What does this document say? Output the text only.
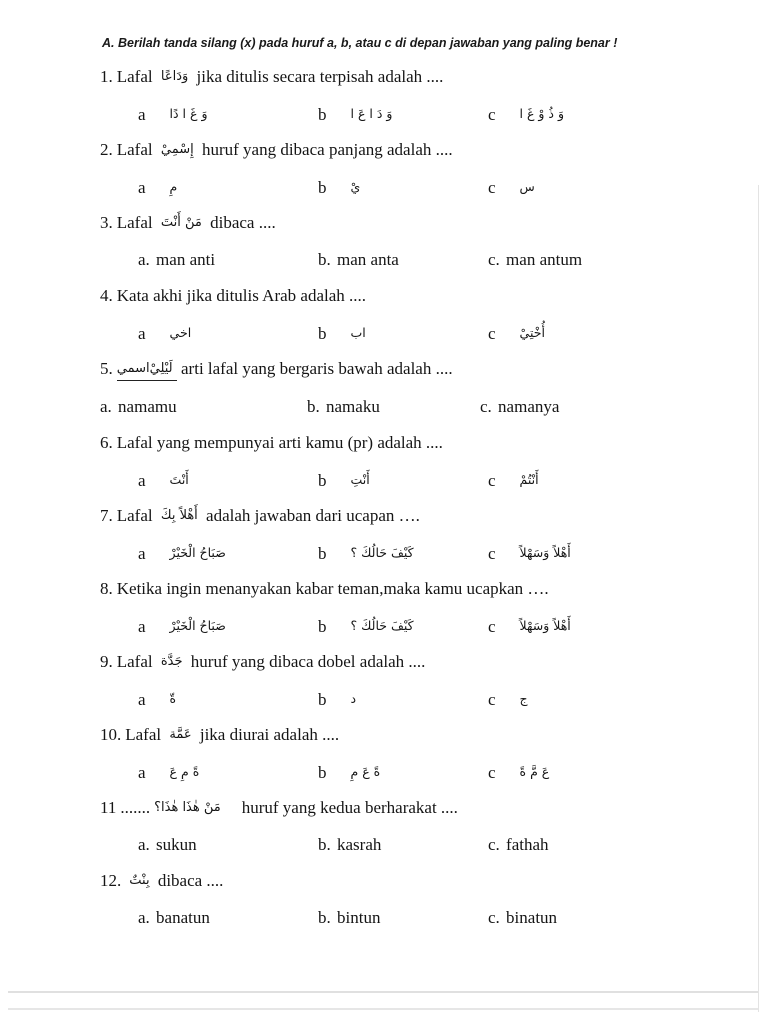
A. Berilah tanda silang (x) pada huruf a, b, atau c di depan jawaban yang paling benar !
1. Lafal وَدَاعًا jika ditulis secara terpisah adalah ....
a وَ غَ ا دًا	b وَ دَ ا عَ ا	c وَ ذُ وْ غَ ا
2. Lafal إِسْمِيْ huruf yang dibaca panjang adalah ....
a مِ	b يْ	c س
3. Lafal مَنْ أَنْتَ dibaca ....
a. man anti	b. man anta	c. man antum
4. Kata akhi jika ditulis Arab adalah ....
a اخي	b اب	c أُخْتِيْ
5. اسمي لَيْلِيْ arti lafal yang bergaris bawah adalah ....
a. namamu	b. namaku	c. namanya
6. Lafal yang mempunyai arti kamu (pr) adalah ....
a أَنْتَ	b أَنْتِ	c أَنْتُمْ
7. Lafal أَهْلاً بِكَ adalah jawaban dari ucapan ….
a صَبَاحُ الْخَيْرْ	b كَيْفَ حَالُكَ ؟	c أَهْلاً وَسَهْلاً
8. Ketika ingin menanyakan kabar teman,maka kamu ucapkan ….
a صَبَاحُ الْخَيْرْ	b كَيْفَ حَالُكَ ؟	c أَهْلاً وَسَهْلاً
9. Lafal جَدَّة huruf yang dibaca dobel adalah ....
a ةّ	b د	c ج
10. Lafal عَمَّة jika diurai adalah ....
a ةً مِ عَ	b ةً عَ مِ	c عَ مَّ ةً
11 ....... مَنْ هٰذَا هٰذَا؟    huruf yang kedua berharakat ....
a. sukun	b. kasrah	c. fathah
12. بِنْتٌ dibaca ....
a. banatun	b. bintun	c. binatun
